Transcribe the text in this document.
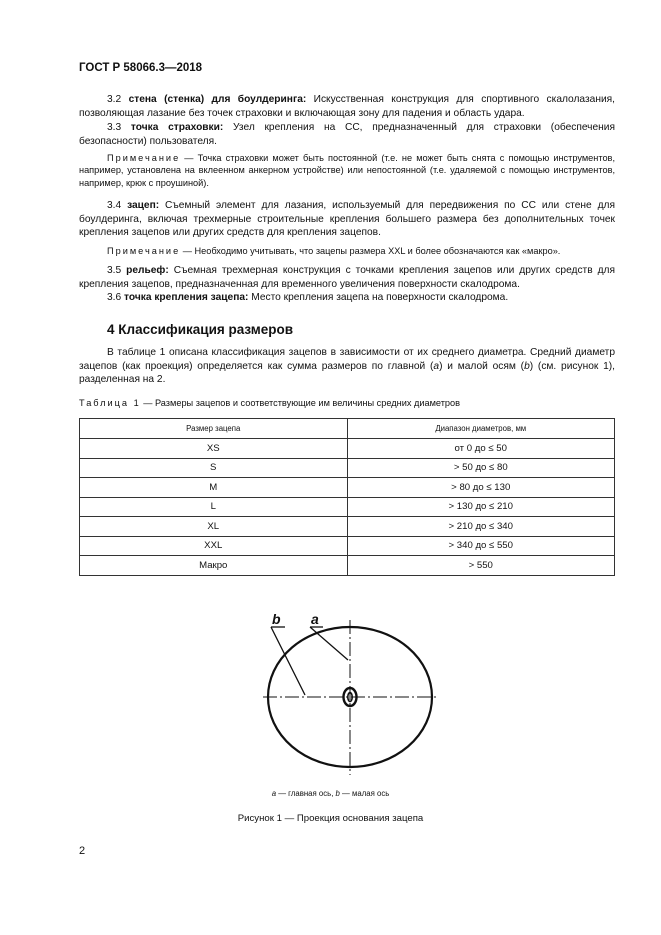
ГОСТ Р 58066.3—2018

3.2 стена (стенка) для боулдеринга: Искусственная конструкция для спортивного скалолазания, позволяющая лазание без точек страховки и включающая зону для падения и область удара.

3.3 точка страховки: Узел крепления на СС, предназначенный для страховки (обеспечения безопасности) пользователя.

Примечание — Точка страховки может быть постоянной (т.е. не может быть снята с помощью инструментов, например, установлена на вклеенном анкерном устройстве) или непостоянной (т.е. удаляемой с помощью инструментов, например, крюк с проушиной).

3.4 зацеп: Съемный элемент для лазания, используемый для передвижения по СС или стене для боулдеринга, включая трехмерные строительные крепления большего размера без дополнительных точек крепления зацепов или других средств для крепления зацепов.

Примечание — Необходимо учитывать, что зацепы размера XXL и более обозначаются как «макро».

3.5 рельеф: Съемная трехмерная конструкция с точками крепления зацепов или других средств для крепления зацепов, предназначенная для временного увеличения поверхности скалодрома.

3.6 точка крепления зацепа: Место крепления зацепа на поверхности скалодрома.

4 Классификация размеров

В таблице 1 описана классификация зацепов в зависимости от их среднего диаметра. Средний диаметр зацепов (как проекция) определяется как сумма размеров по главной (a) и малой осям (b) (см. рисунок 1), разделенная на 2.

Таблица 1 — Размеры зацепов и соответствующие им величины средних диаметров
Размер зацепа	Диапазон диаметров, мм
XS	от 0 до ≤ 50
S	> 50 до ≤ 80
M	> 80 до ≤ 130
L	> 130 до ≤ 210
XL	> 210 до ≤ 340
XXL	> 340 до ≤ 550
Макро	> 550
b a
a — главная ось, b — малая ось
Рисунок 1 — Проекция основания зацепа
2
